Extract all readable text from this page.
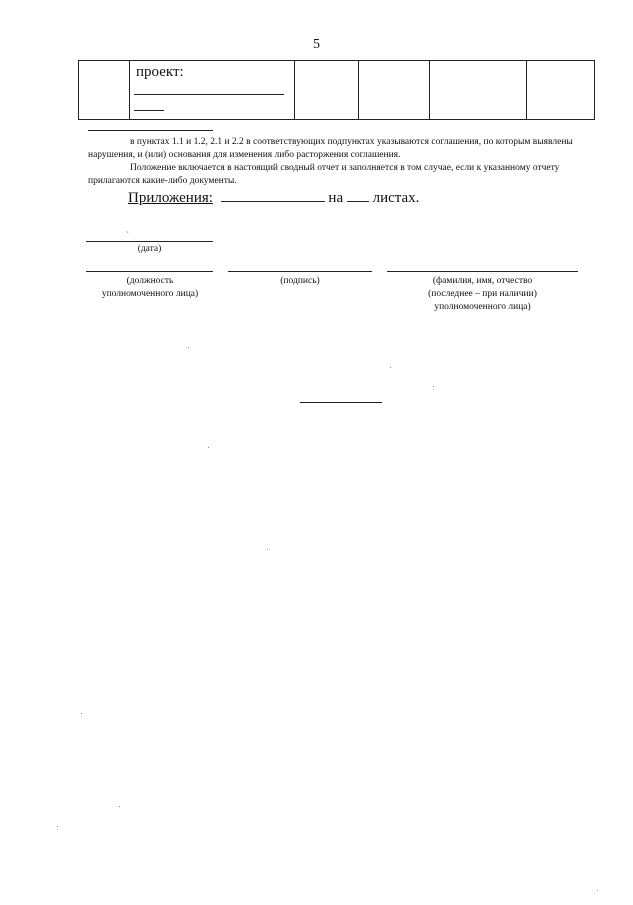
5

проект:

в пунктах 1.1 и 1.2, 2.1 и 2.2 в соответствующих подпунктах указываются соглашения, по которым выявлены нарушения, и (или) основания для изменения либо расторжения соглашения.

Положение включается в настоящий сводный отчет и заполняется в том случае, если к указанному отчету прилагаются какие-либо документы.

Приложения:	на листах.
`
(дата)
(должность
уполномоченного лица)
(подпись)	(фамилия, имя, отчество
(последнее – при наличии)
уполномоченного лица)
